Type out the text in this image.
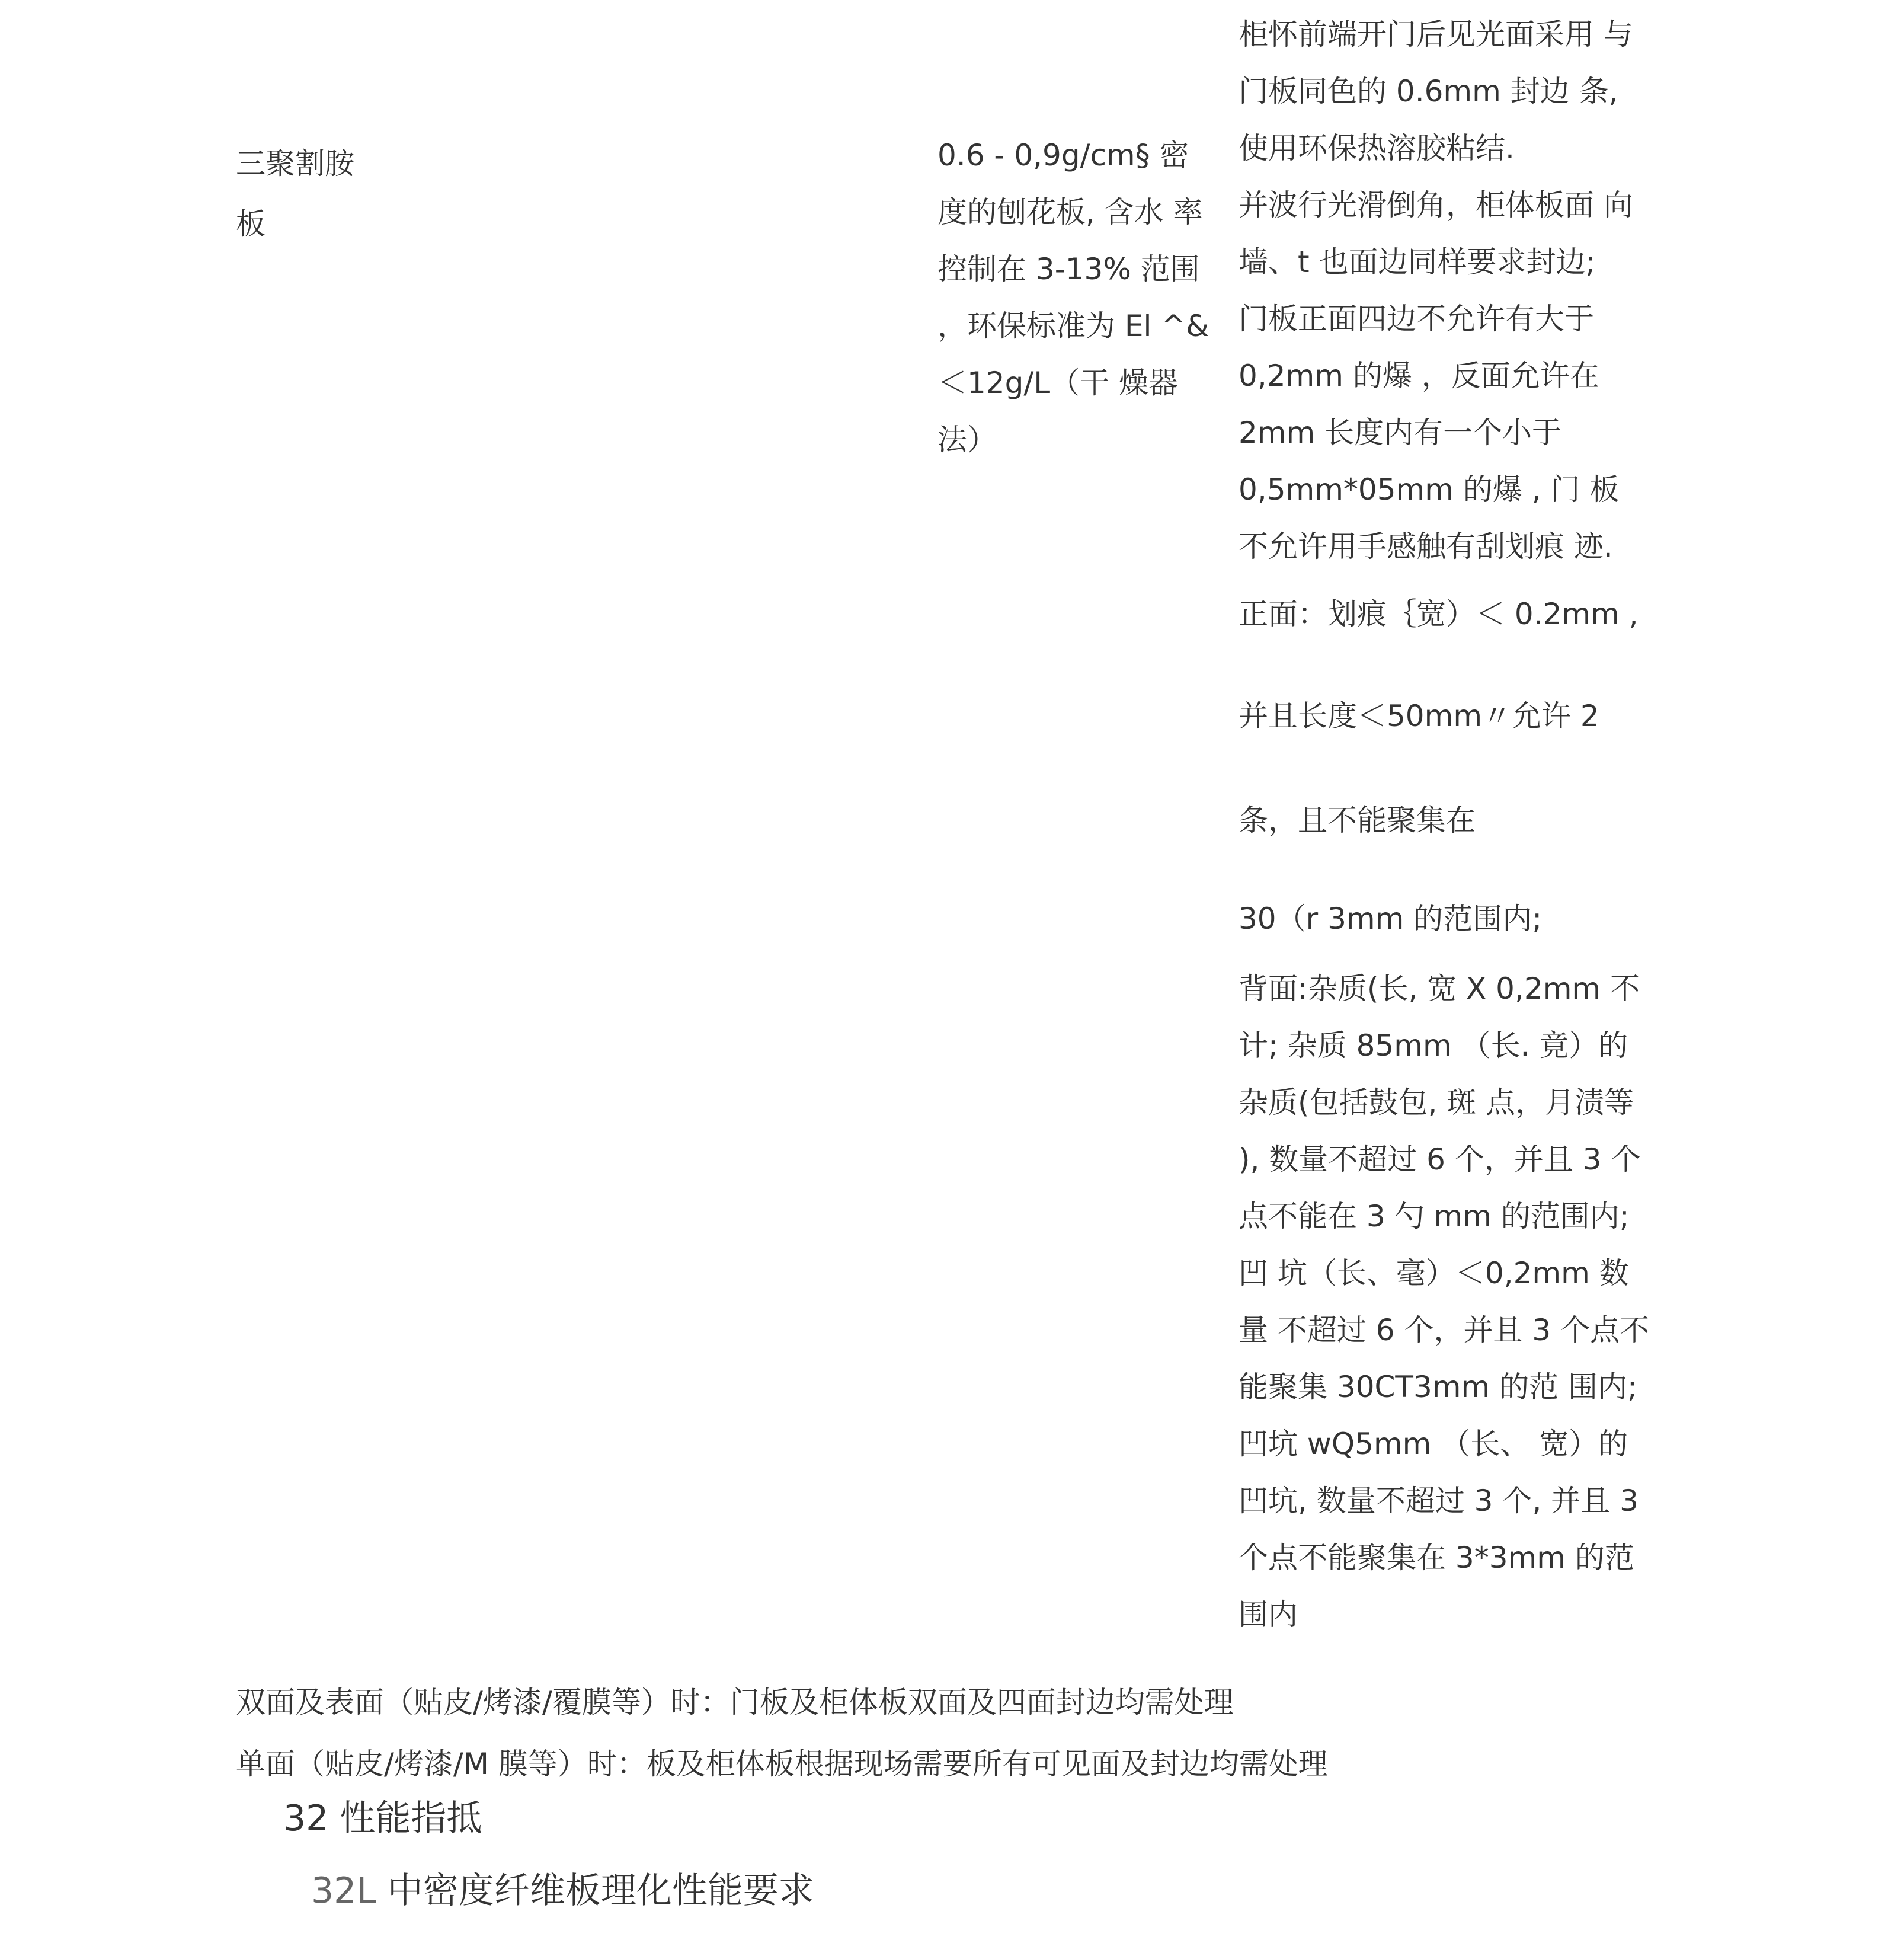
三聚割胺
板
0.6 - 0,9g/cm§ 密
度的刨花板, 含水 率
控制在 3-13% 范围
，环保标准为 El ^&
＜12g/L（干 燥器
法）
柜怀前端开门后见光面采用 与
门板同色的 0.6mm 封边 条,
使用环保热溶胶粘结.
并波行光滑倒角，柜体板面 向
墙、t 也面边同样要求封边;
门板正面四边不允许有大于
0,2mm 的爆 ，反面允许在
2mm 长度内有一个小于
0,5mm*05mm 的爆 , 门 板
不允许用手感触有刮划痕 迹.
正面：划痕｛宽）＜ 0.2mm ,
并且长度＜50mm〃允许 2
条，且不能聚集在
30（r 3mm 的范围内;
背面:杂质(长, 宽 X 0,2mm 不
计; 杂质 85mm （长. 竟）的
杂质(包括鼓包, 斑 点，月渍等
), 数量不超过 6 个，并且 3 个
点不能在 3 勺 mm 的范围内;
凹 坑（长、毫）＜0,2mm 数
量 不超过 6 个，并且 3 个点不
能聚集 30CT3mm 的范 围内;
凹坑 wQ5mm （长、 宽）的
凹坑, 数量不超过 3 个, 并且 3
个点不能聚集在 3*3mm 的范
围内
双面及表面（贴皮/烤漆/覆膜等）时：门板及柜体板双面及四面封边均需处理
单面（贴皮/烤漆/M 膜等）时：板及柜体板根据现场需要所有可见面及封边均需处理
32 性能指抵
32L 中密度纤维板理化性能要求
